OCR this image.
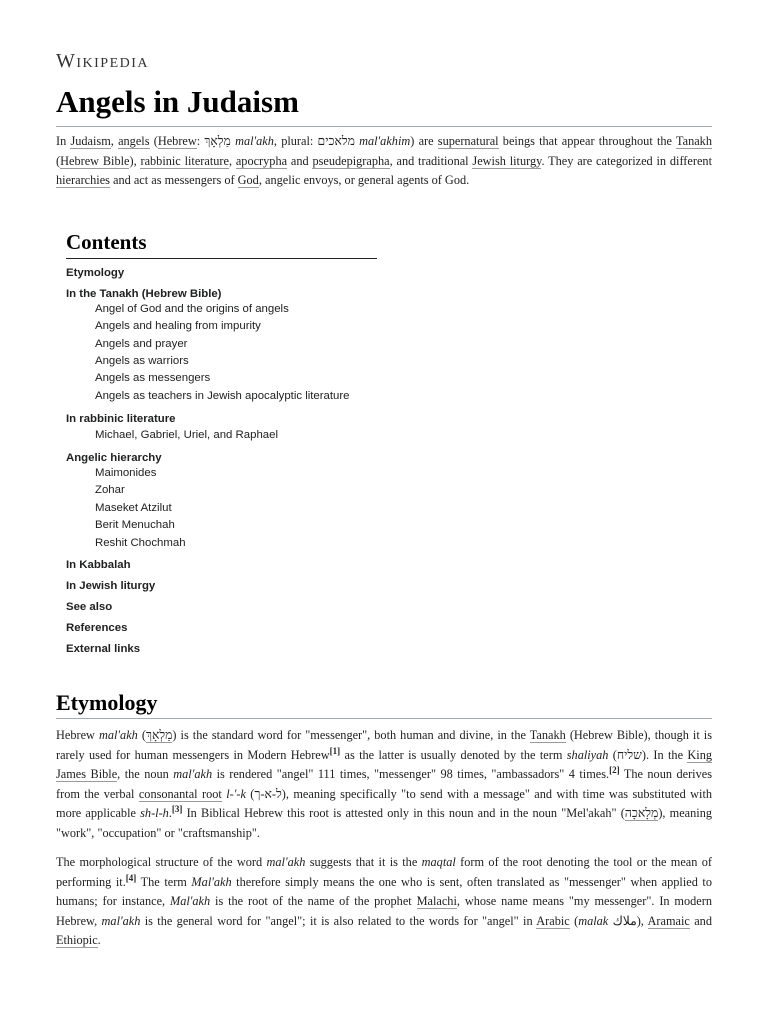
Wikipedia
Angels in Judaism

In Judaism, angels (Hebrew: מַלְאָךְ mal'akh, plural: מלאכים mal'akhim) are supernatural beings that appear throughout the Tanakh (Hebrew Bible), rabbinic literature, apocrypha and pseudepigrapha, and traditional Jewish liturgy. They are categorized in different hierarchies and act as messengers of God, angelic envoys, or general agents of God.

Contents
Etymology
In the Tanakh (Hebrew Bible)
Angel of God and the origins of angels
Angels and healing from impurity
Angels and prayer
Angels as warriors
Angels as messengers
Angels as teachers in Jewish apocalyptic literature
In rabbinic literature
Michael, Gabriel, Uriel, and Raphael
Angelic hierarchy
Maimonides
Zohar
Maseket Atzilut
Berit Menuchah
Reshit Chochmah
In Kabbalah
In Jewish liturgy
See also
References
External links
Etymology

Hebrew mal'akh (מַלְאָךְ) is the standard word for "messenger", both human and divine, in the Tanakh (Hebrew Bible), though it is rarely used for human messengers in Modern Hebrew[1] as the latter is usually denoted by the term shaliyah (שליח). In the King James Bible, the noun mal'akh is rendered "angel" 111 times, "messenger" 98 times, "ambassadors" 4 times.[2] The noun derives from the verbal consonantal root l-'-k (ל-א-ך), meaning specifically "to send with a message" and with time was substituted with more applicable sh-l-h.[3] In Biblical Hebrew this root is attested only in this noun and in the noun "Mel'akah" (מְלָאכָה), meaning "work", "occupation" or "craftsmanship".

The morphological structure of the word mal'akh suggests that it is the maqtal form of the root denoting the tool or the mean of performing it.[4] The term Mal'akh therefore simply means the one who is sent, often translated as "messenger" when applied to humans; for instance, Mal'akh is the root of the name of the prophet Malachi, whose name means "my messenger". In modern Hebrew, mal'akh is the general word for "angel"; it is also related to the words for "angel" in Arabic (malak ملاك), Aramaic and Ethiopic.
